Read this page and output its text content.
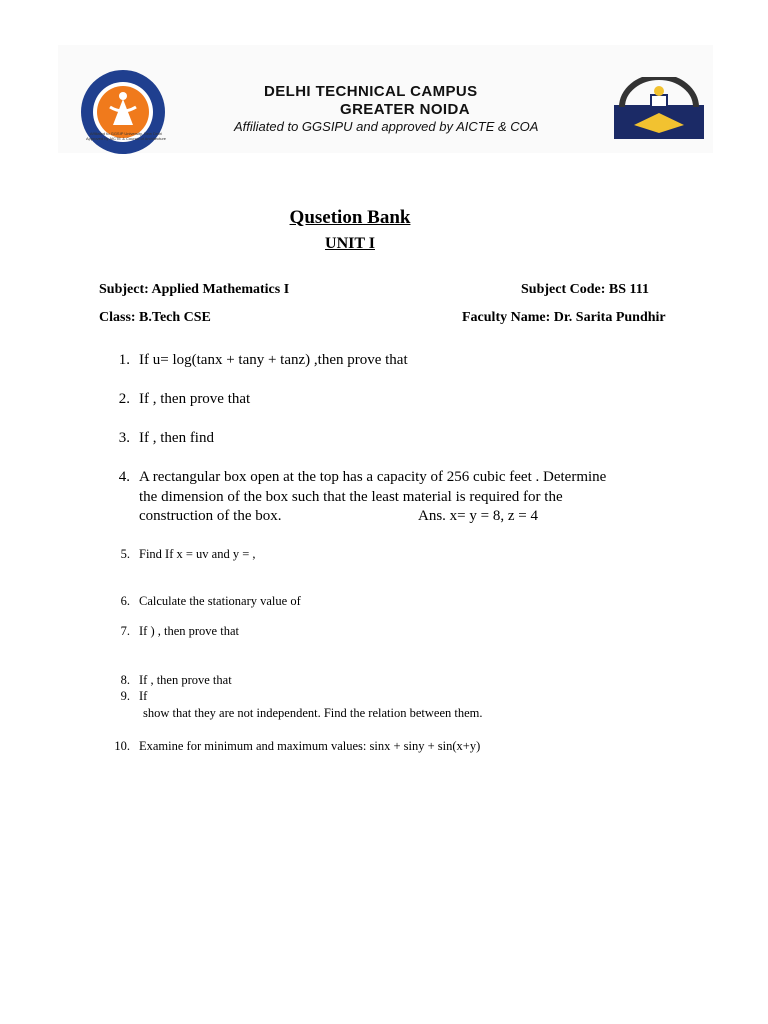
Affiliated to GGSIP University, New Delhi
Approved by AICTE & Council of Architecture
DELHI TECHNICAL CAMPUS
GREATER NOIDA
Affiliated to GGSIPU and approved by AICTE & COA
Qusetion Bank
UNIT I
Subject: Applied Mathematics I	Subject Code: BS 111
Class: B.Tech CSE	Faculty Name: Dr. Sarita Pundhir
1. If u= log(tanx + tany + tanz) ,then prove that
2. If , then prove that
3. If , then find
4. A rectangular box open at the top has a capacity of 256 cubic feet . Determine
the dimension of the box such that the least material is required for the
construction of the box.	Ans. x= y = 8, z = 4
5. Find If x = uv and y = ,
6. Calculate the stationary value of
7. If ) , then prove that
8. If , then prove that
9. If
show that they are not independent. Find the relation between them.
10. Examine for minimum and maximum values: sinx + siny + sin(x+y)
